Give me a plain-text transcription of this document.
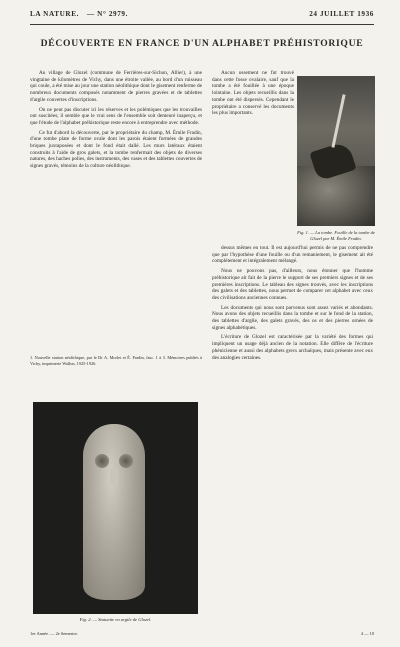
LA NATURE.	— N° 2979.	24 JUILLET 1936
DÉCOUVERTE EN FRANCE D'UN ALPHABET PRÉHISTORIQUE

Au village de Glozel (commune de Ferrières-sur-Sichon, Allier), à une vingtaine de kilomètres de Vichy, dans une étroite vallée, au bord d'un ruisseau qui coule, a été mise au jour une station néolithique dont le gisement renferme de nombreux documents composés notamment de pierres gravées et de tablettes d'argile couvertes d'inscriptions.

On ne peut pas discuter ici les réserves et les polémiques que les trouvailles ont suscitées; il semble que le vrai sens de l'ensemble soit demeuré inaperçu, et que l'étude de l'alphabet préhistorique reste encore à entreprendre avec méthode.

Ce fut d'abord la découverte, par le propriétaire du champ, M. Émile Fradin, d'une tombe plate de forme ovale dont les parois étaient formées de grandes briques juxtaposées et dont le fond était dallé. Les murs latéraux étaient construits à l'aide de gros galets, et la tombe renfermait des objets de diverses natures, des haches polies, des instruments, des vases et des tablettes couvertes de signes gravés, témoins de la culture néolithique.

1. Nouvelle station néolithique, par le Dr A. Morlet et É. Fradin, fasc. 1 à 3. Mémoires publiés à Vichy, imprimerie Wallon, 1925-1926.

Aucun ossement ne fut trouvé dans cette fosse ovalaire, sauf que la tombe a été fouillée à une époque lointaine. Les objets recueillis dans la tombe ont été dispersés. Cependant le propriétaire a conservé les documents les plus importants.

Fig. 1. — La tombe. Fouille de la tombe de Glozel par M. Émile Fradin.

dessus mêmes en tout. Il est aujourd'hui permis de ne pas comprendre que par l'hypothèse d'une fouille ou d'un remaniement, le gisement ait été complètement et intégralement mélangé.

Nous ne pouvons pas, d'ailleurs, nous étonner que l'homme préhistorique ait fait de la pierre le support de ses premiers signes et de ses premières inscriptions. Le tableau des signes trouvés, avec les inscriptions des galets et des tablettes, nous permet de comparer cet alphabet avec ceux des civilisations anciennes connues.

Les documents qui nous sont parvenus sont assez variés et abondants. Nous avons des objets recueillis dans la tombe et sur le fond de la station, des tablettes d'argile, des galets gravés, des os et des pierres ornées de signes alphabétiques.

L'écriture de Glozel est caractérisée par la variété des formes qui impliquent un usage déjà ancien de la notation. Elle diffère de l'écriture phénicienne et aussi des alphabets grecs archaïques, mais présente avec eux des analogies certaines.

Fig. 2. — Statuette en argile de Glozel.
1er Année. — 2e Semestre.	4 — 10
